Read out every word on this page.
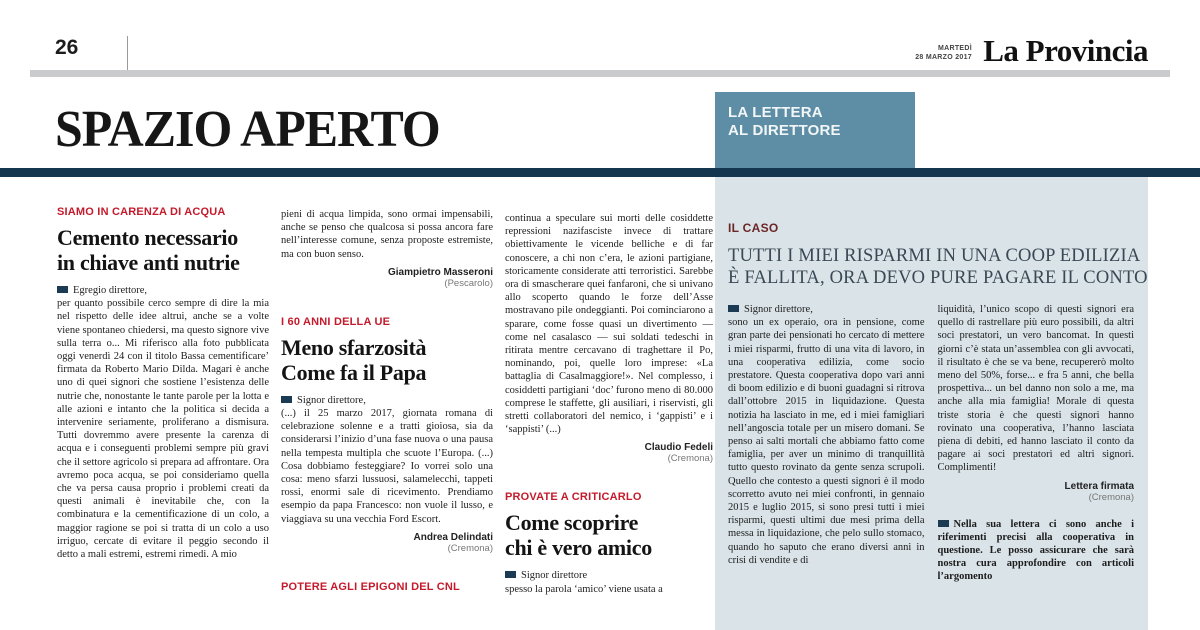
26	MARTEDÌ
28 MARZO 2017 La Provincia
SPAZIO APERTO	LA LETTERA
AL DIRETTORE
SIAMO IN CARENZA DI ACQUA
Cemento necessario
in chiave anti nutrie
Egregio direttore,

per quanto possibile cerco sempre di dire la mia nel rispetto delle idee altrui, anche se a volte viene spontaneo chiedersi, ma questo signore vive sulla terra o... Mi riferisco alla foto pubblicata oggi venerdì 24 con il titolo Bassa cementificare’ firmata da Roberto Mario Dilda. Magari è anche uno di quei signori che sostiene l’esistenza delle nutrie che, nonostante le tante parole per la lotta e alle azioni e intanto che la politica si decida a intervenire seriamente, proliferano a dismisura. Tutti dovremmo avere presente la carenza di acqua e i conseguenti problemi sempre più gravi che il settore agricolo si prepara ad affrontare. Ora avremo poca acqua, se poi consideriamo quella che va persa causa proprio i problemi creati da questi animali è inevitabile che, con la combinatura e la cementificazione di un colo, a maggior ragione se poi si tratta di un colo a uso irriguo, cercate di evitare il peggio secondo il detto a mali estremi, estremi rimedi. A mio

pieni di acqua limpida, sono ormai impensabili, anche se penso che qualcosa si possa ancora fare nell’interesse comune, senza proposte estremiste, ma con buon senso.

Giampietro Masseroni
(Pescarolo)
I 60 ANNI DELLA UE
Meno sfarzosità
Come fa il Papa
Signor direttore,

(...) il 25 marzo 2017, giornata romana di celebrazione solenne e a tratti gioiosa, sia da considerarsi l’inizio d’una fase nuova o una pausa nella tempesta multipla che scuote l’Europa. (...) Cosa dobbiamo festeggiare? Io vorrei solo una cosa: meno sfarzi lussuosi, salamelecchi, tappeti rossi, enormi sale di ricevimento. Prendiamo esempio da papa Francesco: non vuole il lusso, e viaggiava su una vecchia Ford Escort.

Andrea Delindati
(Cremona)
POTERE AGLI EPIGONI DEL CNL

continua a speculare sui morti delle cosiddette repressioni nazifasciste invece di trattare obiettivamente le vicende belliche e di far conoscere, a chi non c’era, le azioni partigiane, storicamente considerate atti terroristici. Sarebbe ora di smascherare quei fanfaroni, che si univano allo scoperto quando le forze dell’Asse mostravano pile ondeggianti. Poi cominciarono a sparare, come fosse quasi un divertimento — come nel casalasco — sui soldati tedeschi in ritirata mentre cercavano di traghettare il Po, nominando, poi, quelle loro imprese: «La battaglia di Casalmaggiore!». Nel complesso, i cosiddetti partigiani ‘doc’ furono meno di 80.000 comprese le staffette, gli ausiliari, i riservisti, gli stretti collaboratori del nemico, i ‘gappisti’ e i ‘sappisti’ (...)

Claudio Fedeli
(Cremona)
PROVATE A CRITICARLO
Come scoprire
chi è vero amico
Signor direttore

spesso la parola ‘amico’ viene usata a

IL CASO
TUTTI I MIEI RISPARMI IN UNA COOP EDILIZIA
È FALLITA, ORA DEVO PURE PAGARE IL CONTO
Signor direttore,

sono un ex operaio, ora in pensione, come gran parte dei pensionati ho cercato di mettere i miei risparmi, frutto di una vita di lavoro, in una cooperativa edilizia, come socio prestatore. Questa cooperativa dopo vari anni di boom edilizio e di buoni guadagni si ritrova dall’ottobre 2015 in liquidazione. Questa notizia ha lasciato in me, ed i miei famigliari nell’angoscia totale per un misero domani. Se penso ai salti mortali che abbiamo fatto come famiglia, per aver un minimo di tranquillità tutto questo rovinato da gente senza scrupoli. Quello che contesto a questi signori è il modo scorretto avuto nei miei confronti, in gennaio 2015 e luglio 2015, si sono presi tutti i miei risparmi, questi ultimi due mesi prima della messa in liquidazione, che pelo sullo stomaco, quando ho saputo che erano diversi anni in crisi di vendite e di

liquidità, l’unico scopo di questi signori era quello di rastrellare più euro possibili, da altri soci prestatori, un vero bancomat. In questi giorni c’è stata un’assemblea con gli avvocati, il risultato è che se va bene, recupererò molto meno del 50%, forse... e fra 5 anni, che bella prospettiva... un bel danno non solo a me, ma anche alla mia famiglia! Morale di questa triste storia è che questi signori hanno rovinato una cooperativa, l’hanno lasciata piena di debiti, ed hanno lasciato il conto da pagare ai soci prestatori ed altri signori. Complimenti!

Lettera firmata
(Cremona)

Nella sua lettera ci sono anche i riferimenti precisi alla cooperativa in questione. Le posso assicurare che sarà nostra cura approfondire con articoli l’argomento
